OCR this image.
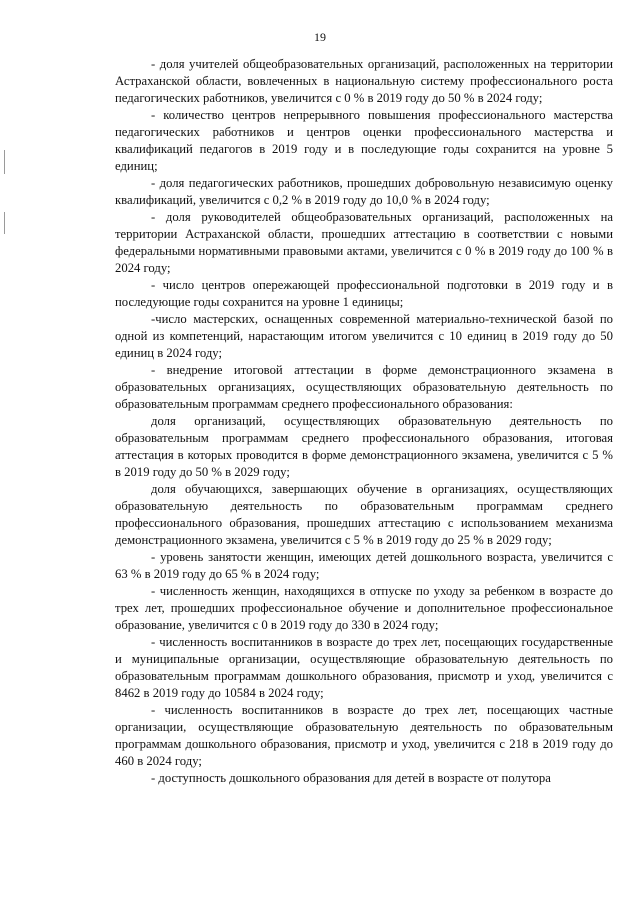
19

- доля учителей общеобразовательных организаций, расположенных на территории Астраханской области, вовлеченных в национальную систему профессионального роста педагогических работников, увеличится с 0 % в 2019 году до 50 % в 2024 году;

- количество центров непрерывного повышения профессионального мастерства педагогических работников и центров оценки профессионального мастерства и квалификаций педагогов в 2019 году и в последующие годы сохранится на уровне 5 единиц;

- доля педагогических работников, прошедших добровольную независимую оценку квалификаций, увеличится с 0,2 % в 2019 году до 10,0 % в 2024 году;

- доля руководителей общеобразовательных организаций, расположенных на территории Астраханской области, прошедших аттестацию в соответствии с новыми федеральными нормативными правовыми актами, увеличится с 0 % в 2019 году до 100 % в 2024 году;

- число центров опережающей профессиональной подготовки в 2019 году и в последующие годы сохранится на уровне 1 единицы;

-число мастерских, оснащенных современной материально-технической базой по одной из компетенций, нарастающим итогом увеличится с 10 единиц в 2019 году до 50 единиц в 2024 году;

- внедрение итоговой аттестации в форме демонстрационного экзамена в образовательных организациях, осуществляющих образовательную деятельность по образовательным программам среднего профессионального образования:

доля организаций, осуществляющих образовательную деятельность по образовательным программам среднего профессионального образования, итоговая аттестация в которых проводится в форме демонстрационного экзамена, увеличится с 5 % в 2019 году до 50 % в 2029 году;

доля обучающихся, завершающих обучение в организациях, осуществляющих образовательную деятельность по образовательным программам среднего профессионального образования, прошедших аттестацию с использованием механизма демонстрационного экзамена, увеличится с 5 % в 2019 году до 25 % в 2029 году;

- уровень занятости женщин, имеющих детей дошкольного возраста, увеличится с 63 % в 2019 году до 65 % в 2024 году;

- численность женщин, находящихся в отпуске по уходу за ребенком в возрасте до трех лет, прошедших профессиональное обучение и дополнительное профессиональное образование, увеличится с 0 в 2019 году до 330 в 2024 году;

- численность воспитанников в возрасте до трех лет, посещающих государственные и муниципальные организации, осуществляющие образовательную деятельность по образовательным программам дошкольного образования, присмотр и уход, увеличится с 8462 в 2019 году до 10584 в 2024 году;

- численность воспитанников в возрасте до трех лет, посещающих частные организации, осуществляющие образовательную деятельность по образовательным программам дошкольного образования, присмотр и уход, увеличится с 218 в 2019 году до 460 в 2024 году;

- доступность дошкольного образования для детей в возрасте от полутора
